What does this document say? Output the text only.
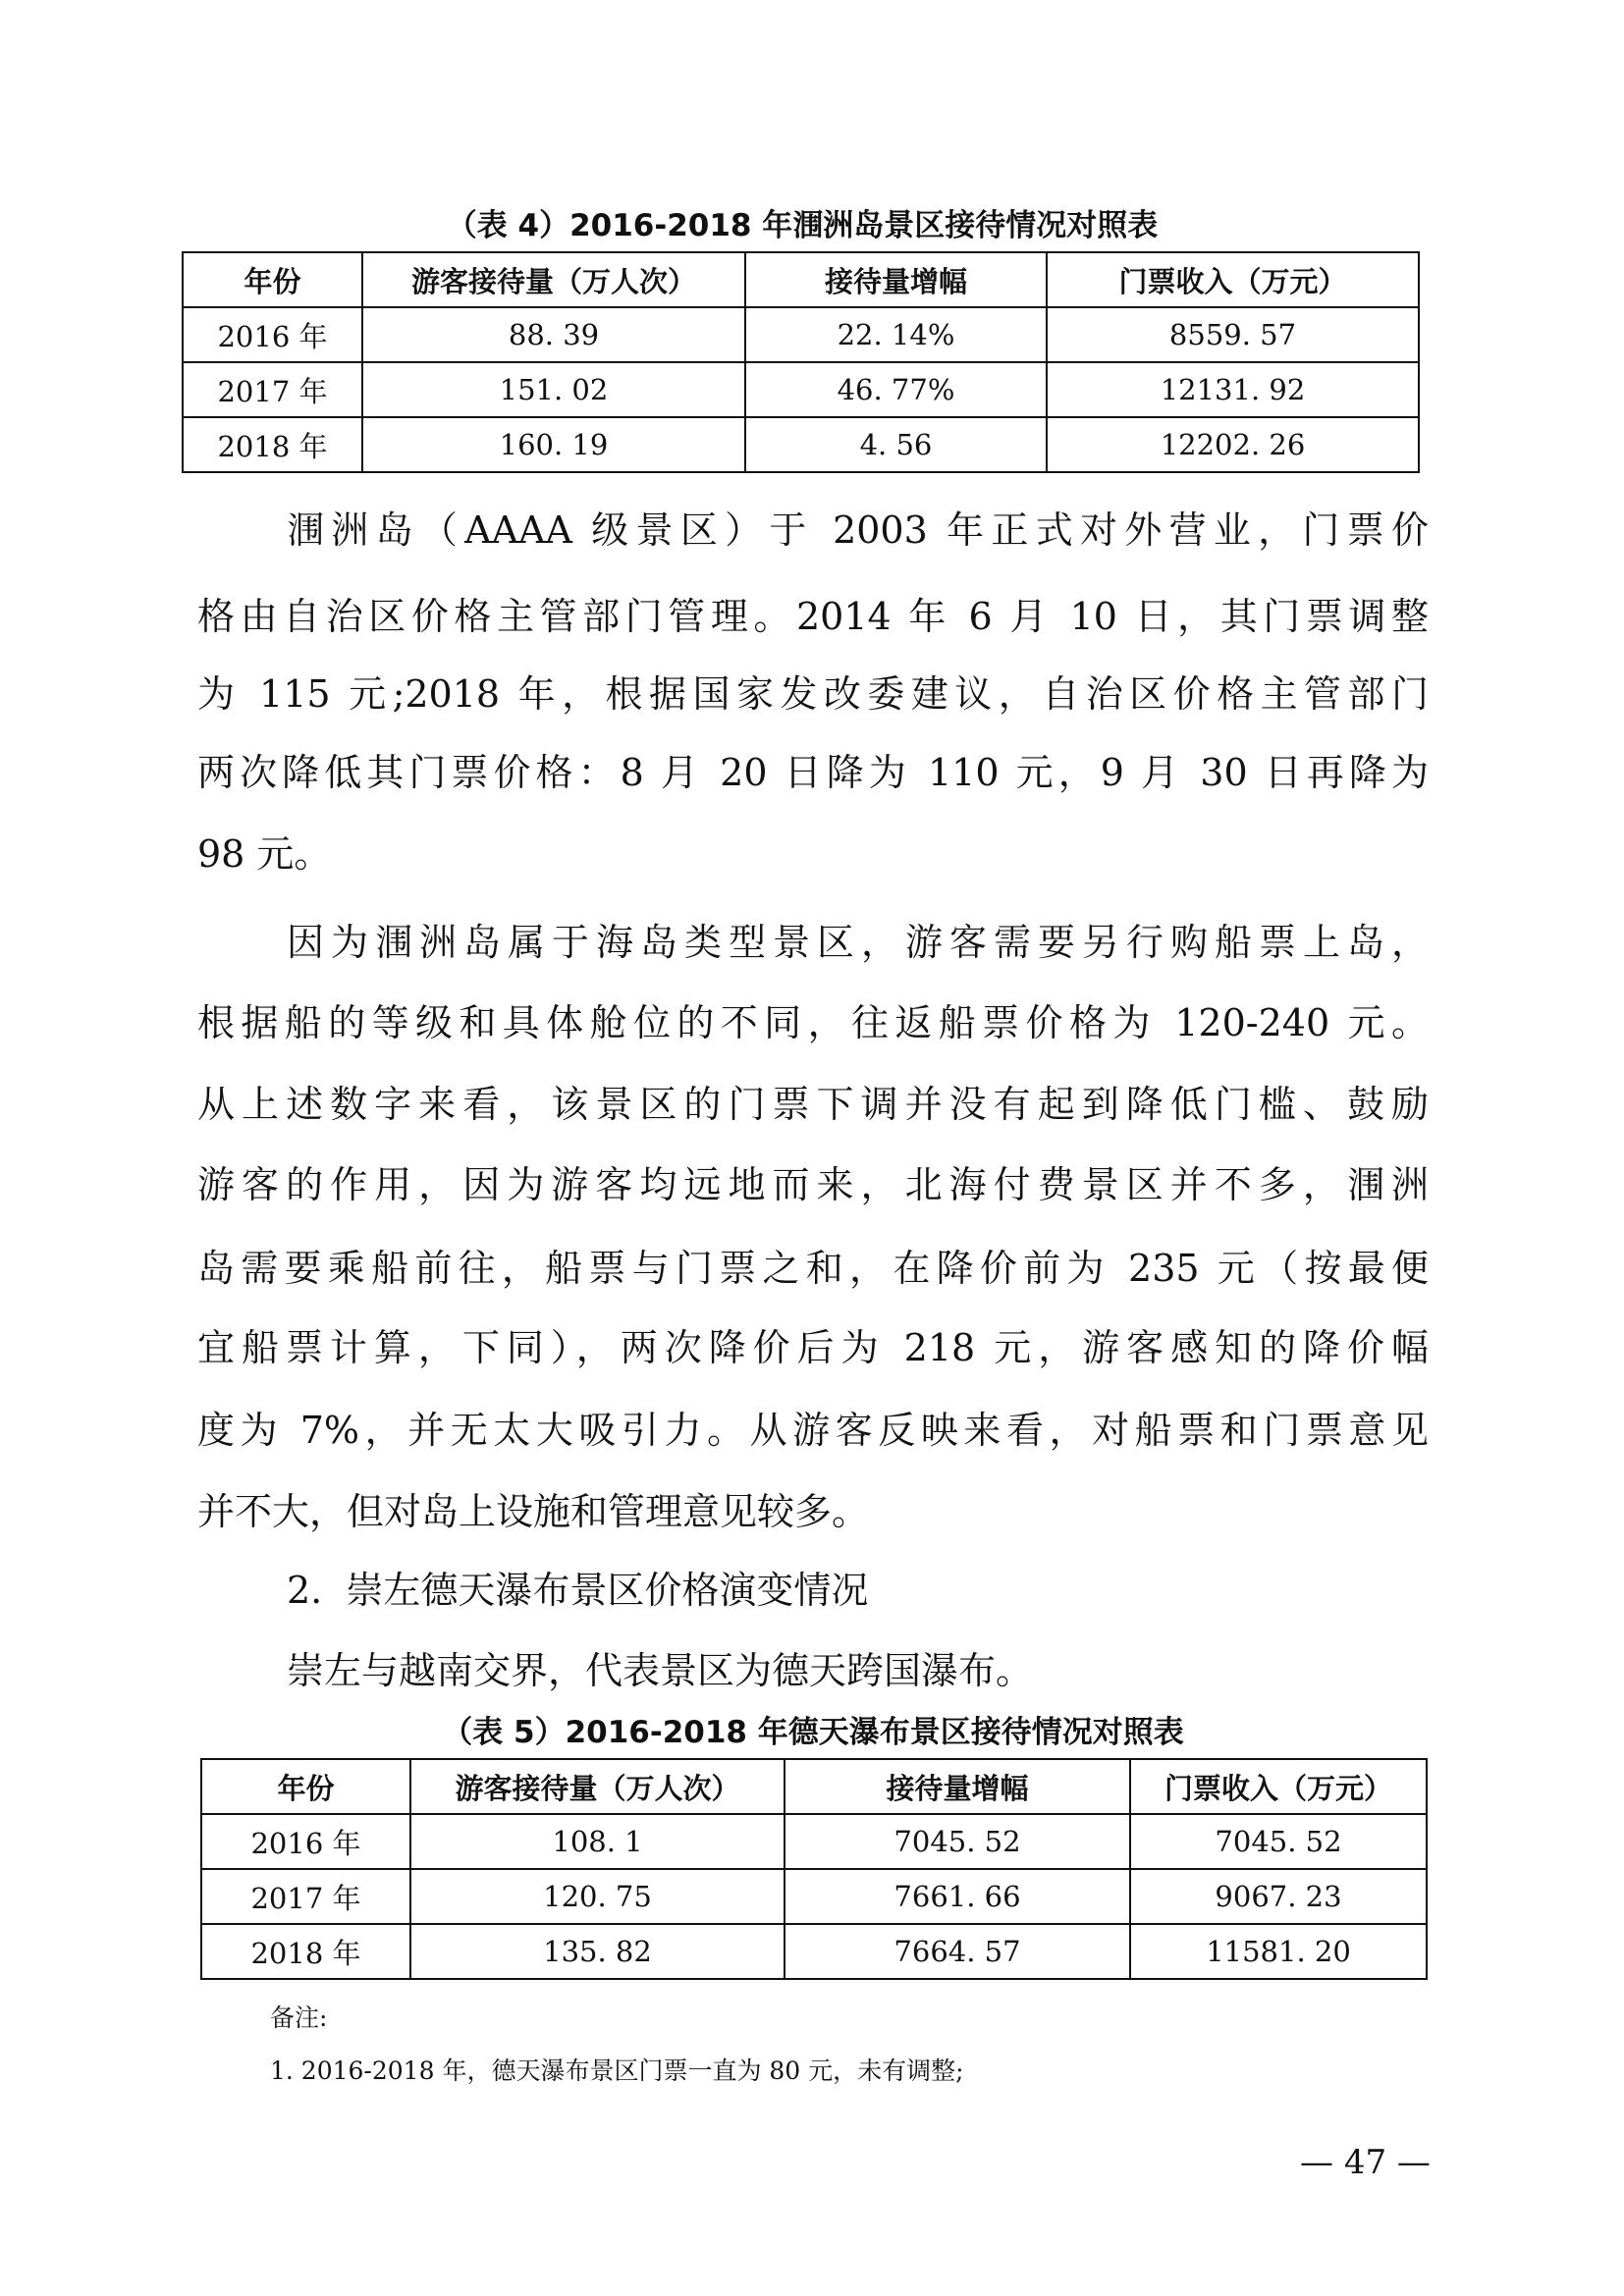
（表 4）2016-2018 年涠洲岛景区接待情况对照表
年份	游客接待量（万人次）	接待量增幅	门票收入（万元）
2016 年	88. 39	22. 14%	8559. 57
2017 年	151. 02	46. 77%	12131. 92
2018 年	160. 19	4. 56	12202. 26
涠洲岛（AAAA 级景区）于 2003 年正式对外营业，门票价
格由自治区价格主管部门管理。2014 年 6 月 10 日，其门票调整
为 115 元;2018 年，根据国家发改委建议，自治区价格主管部门
两次降低其门票价格：8 月 20 日降为 110 元，9 月 30 日再降为
98 元。
因为涠洲岛属于海岛类型景区，游客需要另行购船票上岛，
根据船的等级和具体舱位的不同，往返船票价格为 120-240 元。
从上述数字来看，该景区的门票下调并没有起到降低门槛、鼓励
游客的作用，因为游客均远地而来，北海付费景区并不多，涠洲
岛需要乘船前往，船票与门票之和，在降价前为 235 元（按最便
宜船票计算，下同），两次降价后为 218 元，游客感知的降价幅
度为 7%，并无太大吸引力。从游客反映来看，对船票和门票意见
并不大，但对岛上设施和管理意见较多。
2.  崇左德天瀑布景区价格演变情况
崇左与越南交界，代表景区为德天跨国瀑布。
（表 5）2016-2018 年德天瀑布景区接待情况对照表
年份	游客接待量（万人次）	接待量增幅	门票收入（万元）
2016 年	108. 1	7045. 52	7045. 52
2017 年	120. 75	7661. 66	9067. 23
2018 年	135. 82	7664. 57	11581. 20
备注:
1. 2016-2018 年，德天瀑布景区门票一直为 80 元，未有调整;
— 47 —
